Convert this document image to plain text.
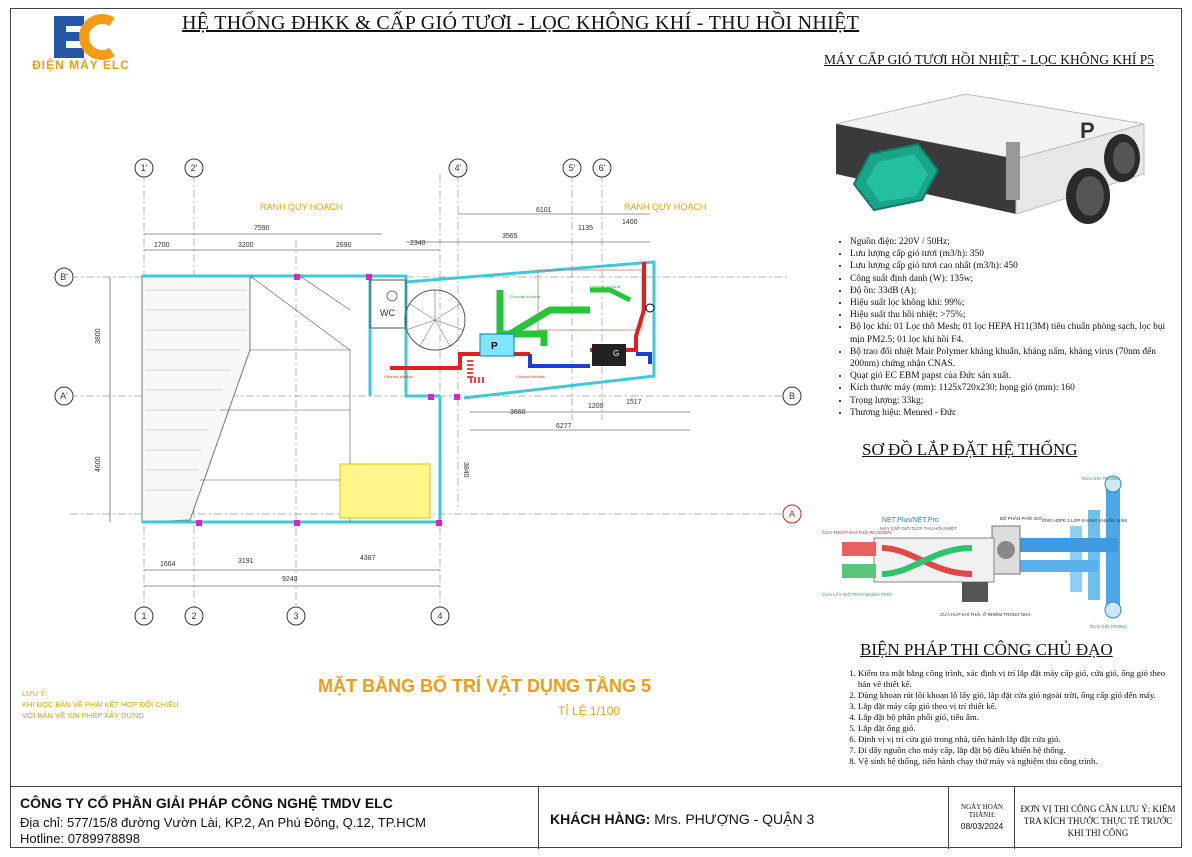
ĐIỆN MÁY ELC
HỆ THỐNG ĐHKK & CẤP GIÓ TƯƠI - LỌC KHÔNG KHÍ - THU HỒI NHIỆT
MÁY CẤP GIÓ TƯƠI HỒI NHIỆT - LỌC KHÔNG KHÍ P5
P
• Nguồn điện: 220V / 50Hz;
• Lưu lượng cấp gió tươi (m3/h): 350
• Lưu lượng cấp gió tươi cao nhất (m3/h): 450
• Công suất định danh (W): 135w;
• Độ ồn: 33dB (A);
• Hiệu suất lọc không khí: 99%;
• Hiệu suất thu hồi nhiệt: >75%;
• Bộ lọc khí: 01 Lọc thô Mesh; 01 lọc HEPA H11(3M) tiêu chuẩn phòng sạch, lọc bụi mịn PM2.5; 01 lọc khí hồi F4.
• Bộ trao đổi nhiệt Mair Polymer kháng khuẩn, kháng nấm, kháng virus (70nm đến 200nm) chứng nhận CNAS.
• Quạt gió EC EBM papst của Đức sản xuất.
• Kích thước máy (mm): 1125x720x230; họng gió (mm): 160
• Trọng lượng: 33kg;
• Thương hiệu: Menred - Đức
SƠ ĐỒ LẮP ĐẶT HỆ THỐNG
NET.Plus/NET.Pro
MÁY CẤP GIÓ TƯƠI THU HỒI NHIỆT
BỘ PHÂN PHỐI GIÓ ỐNG HDPE 2 LỚP KHÁNG KHUẨN, NẤM
CỬA GIÓ TRONG
CỬA GIÓ TRONG
CỬA THOÁT KHÍ THẢI RA NGOÀI
CỬA LẤY GIÓ TƯƠI NGOÀI TRỜI
CỬA HÚT KHÍ THẢI, Ô NHIỄM TRONG NHÀ
BIỆN PHÁP THI CÔNG CHỦ ĐẠO
1. Kiểm tra mặt bằng công trình, xác định vị trí lắp đặt máy cấp gió, cửa gió, ống gió theo bản vẽ thiết kế.
2. Dùng khoan rút lõi khoan lỗ lấy gió, lắp đặt cửa gió ngoài trời, ống cấp gió đến máy.
3. Lắp đặt máy cấp gió theo vị trí thiết kế.
4. Lắp đặt bộ phân phối gió, tiêu âm.
5. Lắp đặt ống gió.
6. Định vị vị trí cửa gió trong nhà, tiến hành lắp đặt cửa gió.
7. Đi dây nguồn cho máy cấp, lắp đặt bộ điều khiển hệ thống.
8. Vệ sinh hệ thống, tiến hành chạy thử máy và nghiệm thu công trình.
WC
P
G
Cửa hút khí thải	Cửa hút khí thải
Cửa cấp khí tươi
Cửa cấp khí tươi
RANH QUY HOẠCH	RANH QUY HOẠCH
7590
1700	3200	2690	2340
6101
3565
1135
1400
1664	3191	4387
9240
3660
1200
1517
6277
3800
4600	3840
1'	2'	4'	5'	6'
1	2	3	4
B'
A'	B
A
MẶT BẰNG BỐ TRÍ VẬT DỤNG TẦNG 5
TỈ LỆ 1/100
LƯU Ý:
KHI ĐỌC BẢN VẼ PHẢI KẾT HỢP ĐỐI CHIẾU
VỚI BẢN VẼ XIN PHÉP XÂY DỰNG
CÔNG TY CỔ PHẦN GIẢI PHÁP CÔNG NGHỆ TMDV ELC
Địa chỉ: 577/15/8 đường Vườn Lài, KP.2, An Phú Đông, Q.12, TP.HCM
Hotline: 0789978898
KHÁCH HÀNG: Mrs. PHƯỢNG - QUẬN 3
NGÀY HOÀN THÀNH:
08/03/2024
ĐƠN VỊ THI CÔNG CẦN LƯU Ý: KIỂM TRA KÍCH THƯỚC THỰC TẾ TRƯỚC KHI THI CÔNG
